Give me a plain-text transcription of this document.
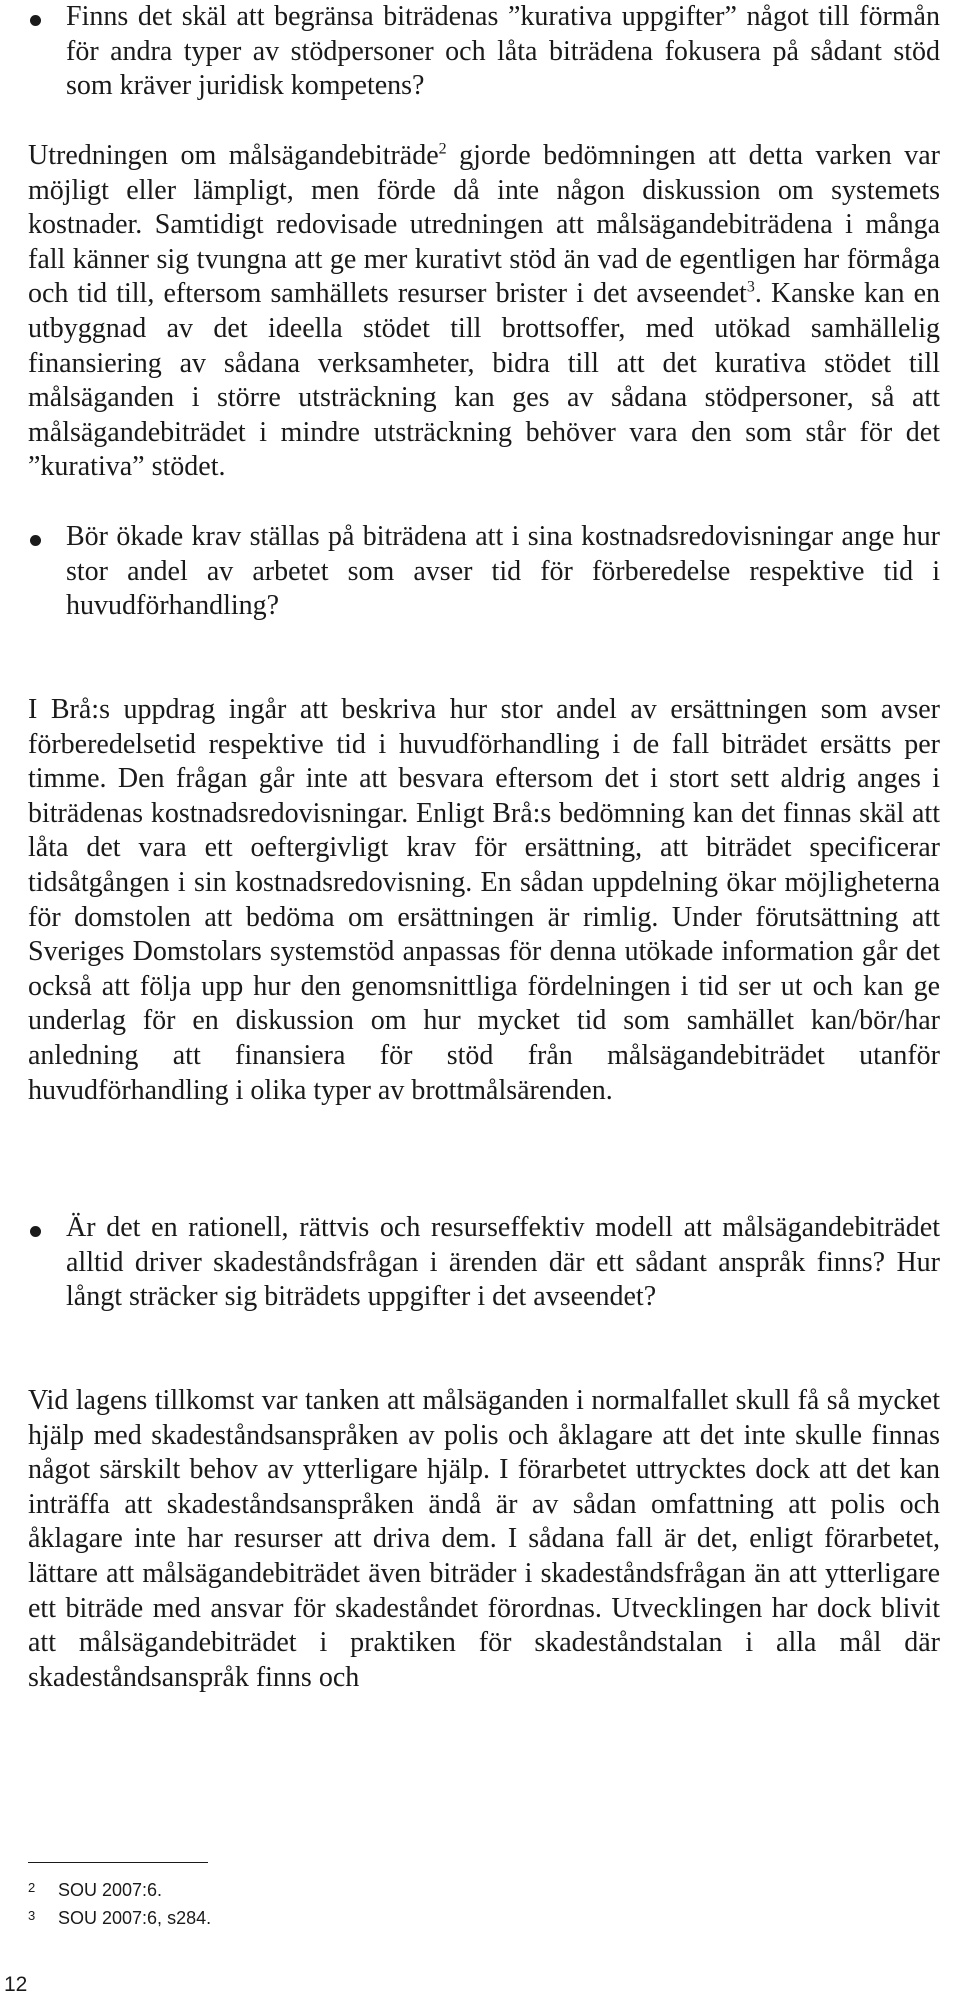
Finns det skäl att begränsa biträdenas ”kurativa uppgifter” något till förmån för andra typer av stödpersoner och låta biträdena fokusera på sådant stöd som kräver juridisk kompetens?

Utredningen om målsägandebiträde$^2$ gjorde bedömningen att detta varken var möjligt eller lämpligt, men förde då inte någon diskussion om systemets kostnader. Samtidigt redovisade utredningen att målsägandebiträdena i många fall känner sig tvungna att ge mer kurativt stöd än vad de egentligen har förmåga och tid till, eftersom samhällets resurser brister i det avseendet$^3$. Kanske kan en utbyggnad av det ideella stödet till brottsoffer, med utökad samhällelig finansiering av sådana verksamheter, bidra till att det kurativa stödet till målsäganden i större utsträckning kan ges av sådana stödpersoner, så att målsägandebiträdet i mindre utsträckning behöver vara den som står för det ”kurativa” stödet.

Bör ökade krav ställas på biträdena att i sina kostnadsredovisningar ange hur stor andel av arbetet som avser tid för förberedelse respektive tid i huvudförhandling?

I Brå:s uppdrag ingår att beskriva hur stor andel av ersättningen som avser förberedelsetid respektive tid i huvudförhandling i de fall biträdet ersätts per timme. Den frågan går inte att besvara eftersom det i stort sett aldrig anges i biträdenas kostnadsredovisningar. Enligt Brå:s bedömning kan det finnas skäl att låta det vara ett oeftergivligt krav för ersättning, att biträdet specificerar tidsåtgången i sin kostnadsredovisning. En sådan uppdelning ökar möjligheterna för domstolen att bedöma om ersättningen är rimlig. Under förutsättning att Sveriges Domstolars systemstöd anpassas för denna utökade information går det också att följa upp hur den genomsnittliga fördelningen i tid ser ut och kan ge underlag för en diskussion om hur mycket tid som samhället kan/bör/har anledning att finansiera för stöd från målsägandebiträdet utanför huvudförhandling i olika typer av brottmålsärenden.

Är det en rationell, rättvis och resurseffektiv modell att målsägandebiträdet alltid driver skadeståndsfrågan i ärenden där ett sådant anspråk finns? Hur långt sträcker sig biträdets uppgifter i det avseendet?

Vid lagens tillkomst var tanken att målsäganden i normalfallet skull få så mycket hjälp med skadeståndsanspråken av polis och åklagare att det inte skulle finnas något särskilt behov av ytterligare hjälp. I förarbetet uttrycktes dock att det kan inträffa att skadeståndsanspråken ändå är av sådan omfattning att polis och åklagare inte har resurser att driva dem. I sådana fall är det, enligt förarbetet, lättare att målsägandebiträdet även biträder i skadeståndsfrågan än att ytterligare ett biträde med ansvar för skadeståndet förordnas. Utvecklingen har dock blivit att målsägandebiträdet i praktiken för skadeståndstalan i alla mål där skadeståndsanspråk finns och

2 SOU 2007:6.

3 SOU 2007:6, s284.

12
